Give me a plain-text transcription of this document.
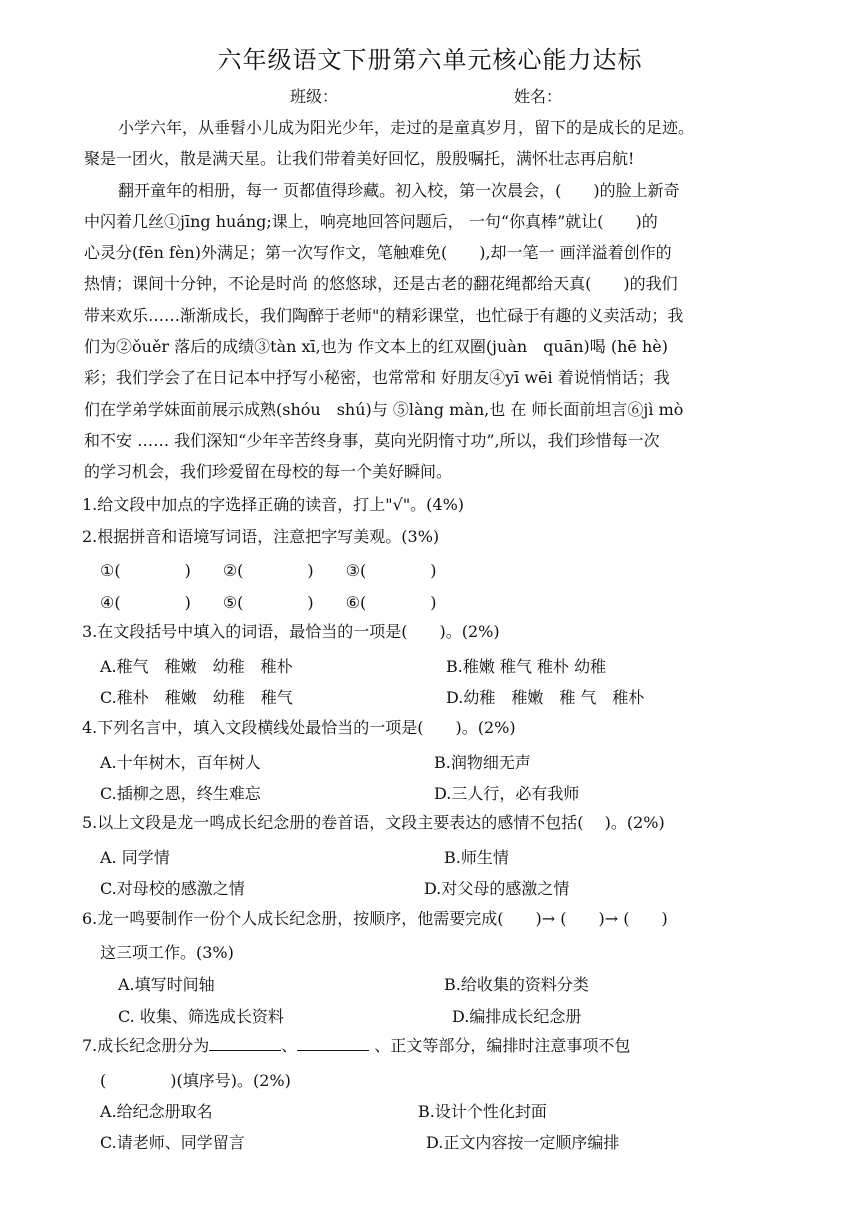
六年级语文下册第六单元核心能力达标
班级：	姓名：
小学六年，从垂髫小儿成为阳光少年，走过的是童真岁月，留下的是成长的足迹。
聚是一团火，散是满天星。让我们带着美好回忆，殷殷嘱托，满怀壮志再启航!
翻开童年的相册，每一 页都值得珍藏。初入校，第一次晨会，(　　)的脸上新奇
中闪着几丝①jīng huáng;课上，响亮地回答问题后， 一句“你真棒”就让(　　)的
心灵分(fēn fèn)外满足；第一次写作文，笔触难免(　　),却一笔一 画洋溢着创作的
热情；课间十分钟，不论是时尚 的悠悠球，还是古老的翻花绳都给天真(　　)的我们
带来欢乐……渐渐成长，我们陶醉于老师"的精彩课堂，也忙碌于有趣的义卖活动；我
们为②ǒuěr 落后的成绩③tàn xī,也为 作文本上的红双圈(juàn　quān)喝 (hē hè)
彩；我们学会了在日记本中抒写小秘密，也常常和 好朋友④yī wēi 着说悄悄话；我
们在学弟学妹面前展示成熟(shóu　shú)与 ⑤làng màn,也 在 师长面前坦言⑥jì mò
和不安 …… 我们深知“少年辛苦终身事，莫向光阴惰寸功”,所以，我们珍惜每一次
的学习机会，我们珍爱留在母校的每一个美好瞬间。
1.给文段中加点的字选择正确的读音，打上"√"。(4%)
2.根据拼音和语境写词语，注意把字写美观。(3%)
①(　　　　)　　②(　　　　)　　③(　　　　)
④(　　　　)　　⑤(　　　　)　　⑥(　　　　)
3.在文段括号中填入的词语，最恰当的一项是(　　)。(2%)
A.稚气　稚嫩　幼稚　稚朴	B.稚嫩 稚气 稚朴 幼稚
C.稚朴　稚嫩　幼稚　稚气	D.幼稚　稚嫩　稚 气　稚朴
4.下列名言中，填入文段横线处最恰当的一项是(　　)。(2%)
A.十年树木，百年树人	B.润物细无声
C.插柳之恩，终生难忘	D.三人行，必有我师
5.以上文段是龙一鸣成长纪念册的卷首语，文段主要表达的感情不包括(　 )。(2%)
A. 同学情	B.师生情
C.对母校的感激之情	D.对父母的感激之情
6.龙一鸣要制作一份个人成长纪念册，按顺序，他需要完成(　　)→ (　　)→ (　　)
这三项工作。(3%)
A.填写时间轴	B.给收集的资料分类
C. 收集、筛选成长资料	D.编排成长纪念册
7.成长纪念册分为	、	、正文等部分，编排时注意事项不包
(　　　　)(填序号)。(2%)
A.给纪念册取名	B.设计个性化封面
C.请老师、同学留言	D.正文内容按一定顺序编排
